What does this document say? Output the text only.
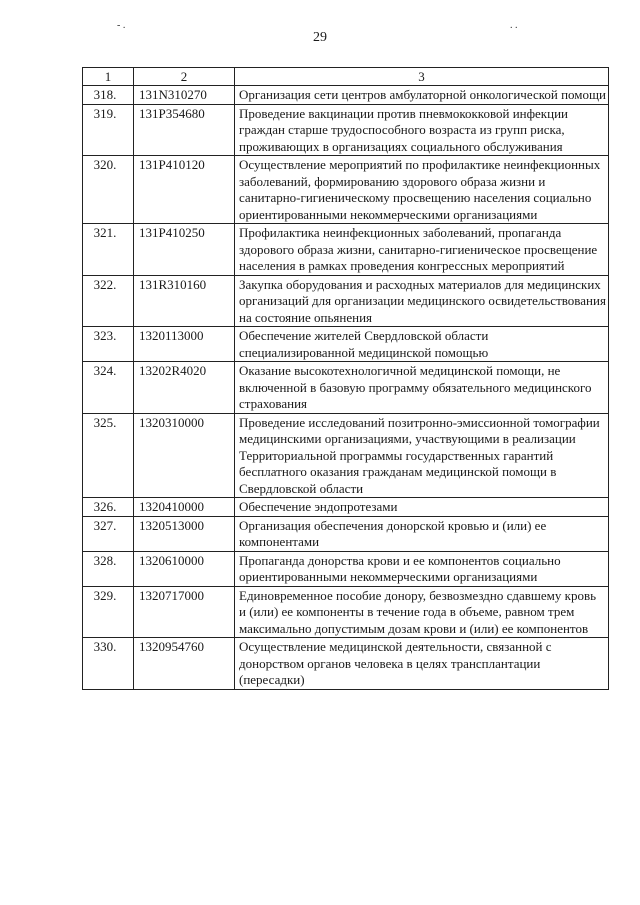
- .	. .
29
1	2	3
318.	131N310270	Организация сети центров амбулаторной онкологической помощи
319.	131P354680	Проведение вакцинации против пневмококковой инфекции граждан старше трудоспособного возраста из групп риска, проживающих в организациях социального обслуживания
320.	131P410120	Осуществление мероприятий по профилактике неинфекционных заболеваний, формированию здорового образа жизни и санитарно-гигиеническому просвещению населения социально ориентированными некоммерческими организациями
321.	131P410250	Профилактика неинфекционных заболеваний, пропаганда здорового образа жизни, санитарно-гигиеническое просвещение населения в рамках проведения конгрессных мероприятий
322.	131R310160	Закупка оборудования и расходных материалов для медицинских организаций для организации медицинского освидетельствования на состояние опьянения
323.	1320113000	Обеспечение жителей Свердловской области специализированной медицинской помощью
324.	13202R4020	Оказание высокотехнологичной медицинской помощи, не включенной в базовую программу обязательного медицинского страхования
325.	1320310000	Проведение исследований позитронно-эмиссионной томографии медицинскими организациями, участвующими в реализации Территориальной программы государственных гарантий бесплатного оказания гражданам медицинской помощи в Свердловской области
326.	1320410000	Обеспечение эндопротезами
327.	1320513000	Организация обеспечения донорской кровью и (или) ее компонентами
328.	1320610000	Пропаганда донорства крови и ее компонентов социально ориентированными некоммерческими организациями
329.	1320717000	Единовременное пособие донору, безвозмездно сдавшему кровь и (или) ее компоненты в течение года в объеме, равном трем максимально допустимым дозам крови и (или) ее компонентов
330.	1320954760	Осуществление медицинской деятельности, связанной с донорством органов человека в целях трансплантации (пересадки)
